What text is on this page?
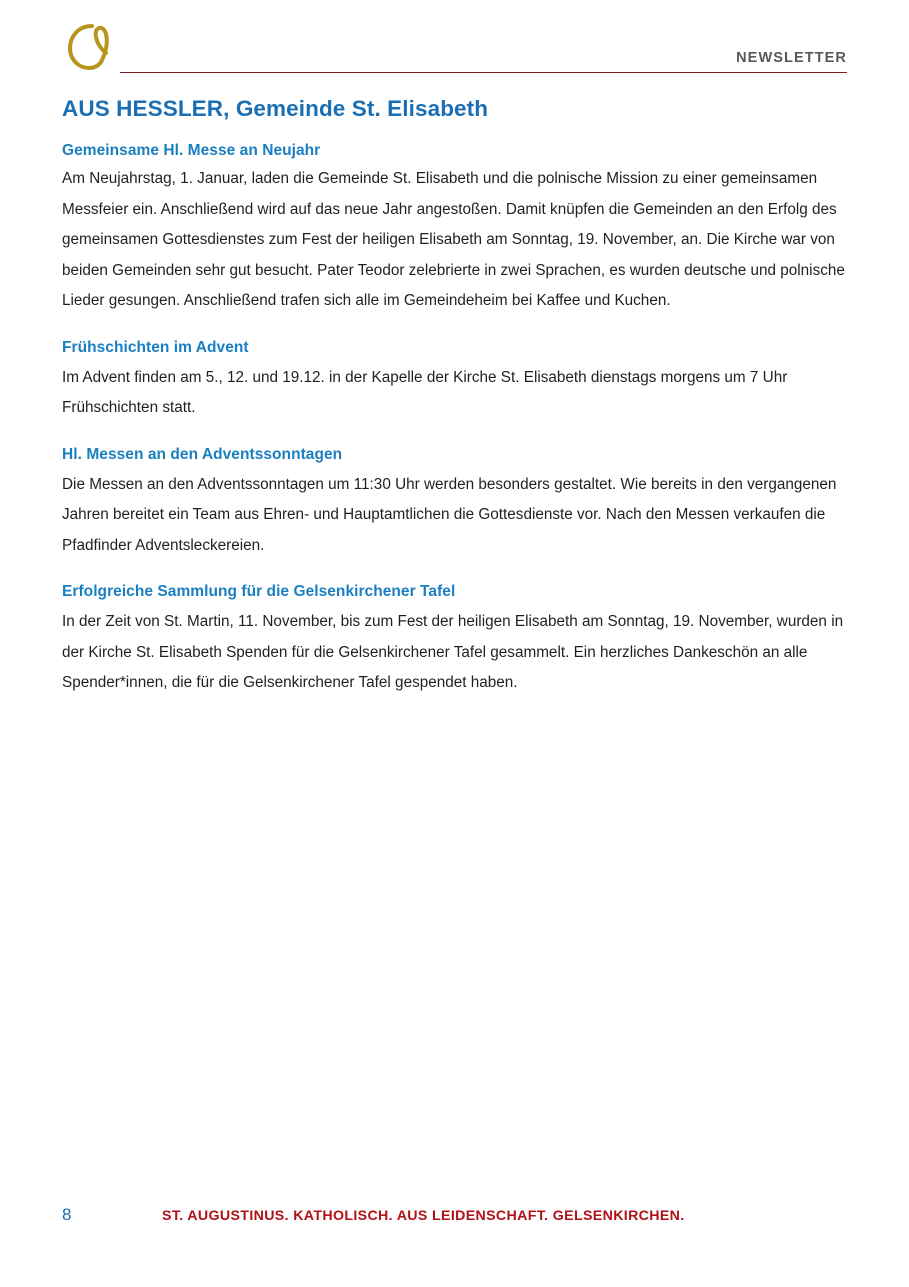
NEWSLETTER
AUS HESSLER, Gemeinde St. Elisabeth
Gemeinsame Hl. Messe an Neujahr

Am Neujahrstag, 1. Januar, laden die Gemeinde St. Elisabeth und die polnische Mission zu einer gemeinsamen Messfeier ein. Anschließend wird auf das neue Jahr angestoßen. Damit knüpfen die Gemeinden an den Erfolg des gemeinsamen Gottesdienstes zum Fest der heiligen Elisabeth am Sonntag, 19. November, an. Die Kirche war von beiden Gemeinden sehr gut besucht. Pater Teodor zelebrierte in zwei Sprachen, es wurden deutsche und polnische Lieder gesungen. Anschließend trafen sich alle im Gemeindeheim bei Kaffee und Kuchen.

Frühschichten im Advent

Im Advent finden am 5., 12. und 19.12. in der Kapelle der Kirche St. Elisabeth dienstags morgens um 7 Uhr Frühschichten statt.

Hl. Messen an den Adventssonntagen

Die Messen an den Adventssonntagen um 11:30 Uhr werden besonders gestaltet. Wie bereits in den vergangenen Jahren bereitet ein Team aus Ehren- und Hauptamtlichen die Gottesdienste vor. Nach den Messen verkaufen die Pfadfinder Adventsleckereien.

Erfolgreiche Sammlung für die Gelsenkirchener Tafel

In der Zeit von St. Martin, 11. November, bis zum Fest der heiligen Elisabeth am Sonntag, 19. November, wurden in der Kirche St. Elisabeth Spenden für die Gelsenkirchener Tafel gesammelt. Ein herzliches Dankeschön an alle Spender*innen, die für die Gelsenkirchener Tafel gespendet haben.

8	ST. AUGUSTINUS. KATHOLISCH. AUS LEIDENSCHAFT. GELSENKIRCHEN.
